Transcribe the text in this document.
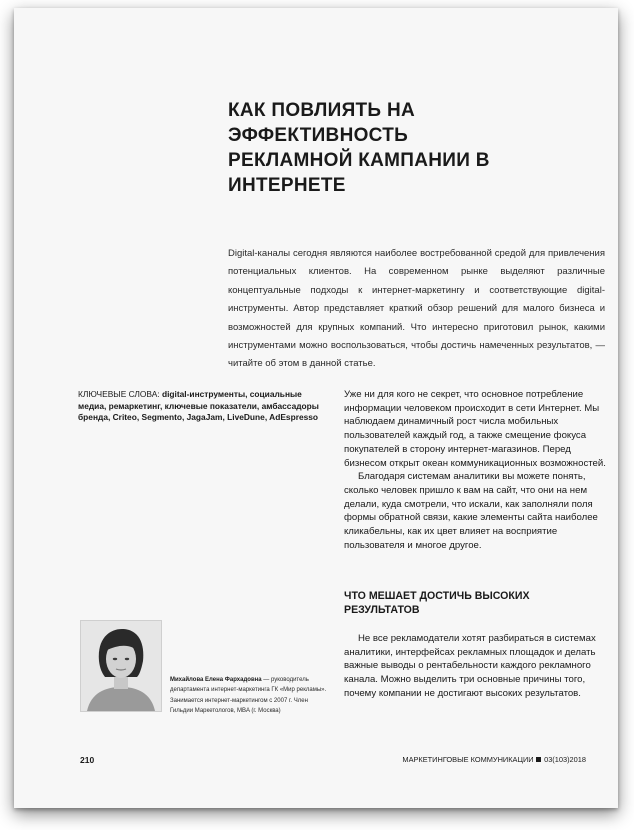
КАК ПОВЛИЯТЬ НА ЭФФЕКТИВНОСТЬ
РЕКЛАМНОЙ КАМПАНИИ В ИНТЕРНЕТЕ

Digital-каналы сегодня являются наиболее востребованной средой для привлечения потенциальных клиентов. На современном рынке выделяют различные концептуальные подходы к интернет-маркетингу и соответствующие digital-инструменты. Автор представляет краткий обзор решений для малого бизнеса и возможностей для крупных компаний. Что интересно приготовил рынок, какими инструментами можно воспользоваться, чтобы достичь намеченных результатов, — читайте об этом в данной статье.

КЛЮЧЕВЫЕ СЛОВА: digital-инструменты, социальные медиа, ремаркетинг, ключевые показатели, амбассадоры бренда, Criteo, Segmento, JagaJam, LiveDune, AdEspresso

Уже ни для кого не секрет, что основное потребление информации человеком происходит в сети Интернет. Мы наблюдаем динамичный рост числа мобильных пользователей каждый год, а также смещение фокуса покупателей в сторону интернет-магазинов. Перед бизнесом открыт океан коммуникационных возможностей.

Благодаря системам аналитики вы можете понять, сколько человек пришло к вам на сайт, что они на нем делали, куда смотрели, что искали, как заполняли поля формы обратной связи, какие элементы сайта наиболее кликабельны, как их цвет влияет на восприятие пользователя и многое другое.

ЧТО МЕШАЕТ ДОСТИЧЬ ВЫСОКИХ РЕЗУЛЬТАТОВ

Не все рекламодатели хотят разбираться в системах аналитики, интерфейсах рекламных площадок и делать важные выводы о рентабельности каждого рекламного канала. Можно выделить три основные причины того, почему компании не достигают высоких результатов.

Михайлова Елена Фархадовна — руководитель департамента интернет-маркетинга ГК «Мир рекламы». Занимается интернет-маркетингом с 2007 г. Член Гильдии Маркетологов, MBA (г. Москва)

210	МАРКЕТИНГОВЫЕ КОММУНИКАЦИИ 03(103)2018
